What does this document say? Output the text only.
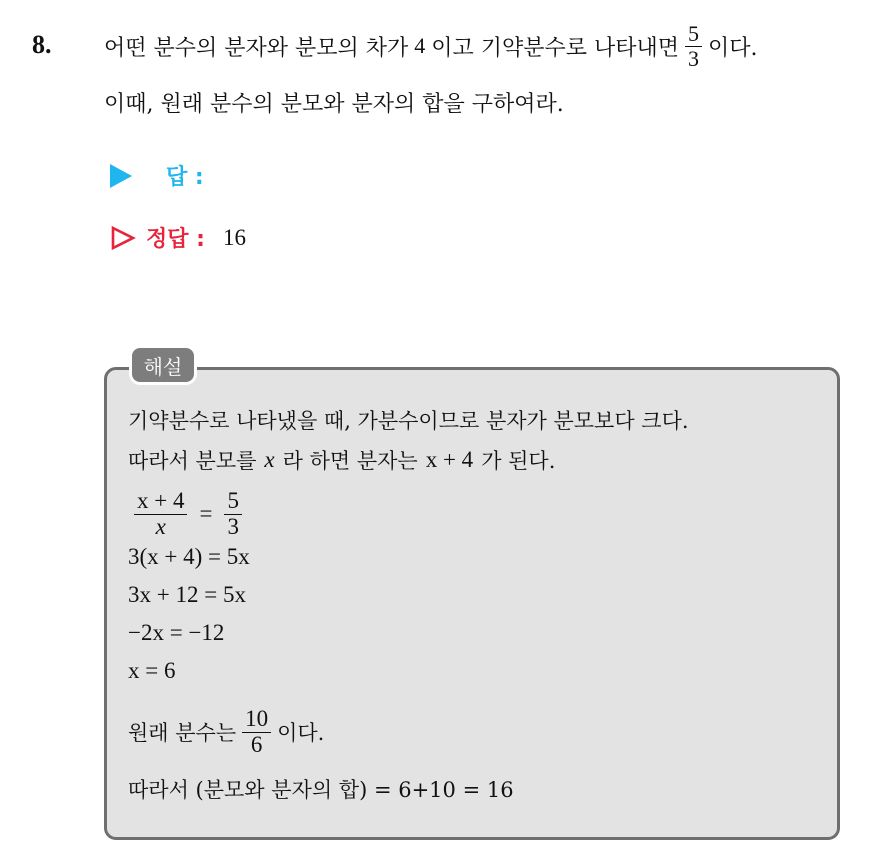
8. 어떤 분수의 분자와 분모의 차가 4 이고 기약분수로 나타내면 $\frac{5}{3}$ 이다.
이때, 원래 분수의 분모와 분자의 합을 구하여라.
답 :
정답 : 16
해설
기약분수로 나타냈을 때, 가분수이므로 분자가 분모보다 크다.
따라서 분모를 x 라 하면 분자는 x + 4 가 된다.
$\frac{x + 4}{x} = \frac{5}{3}$
3(x + 4) = 5x
3x + 12 = 5x
−2x = −12
x = 6
원래 분수는 $\frac{10}{6}$ 이다.
따라서 (분모와 분자의 합) = 6+10 = 16
